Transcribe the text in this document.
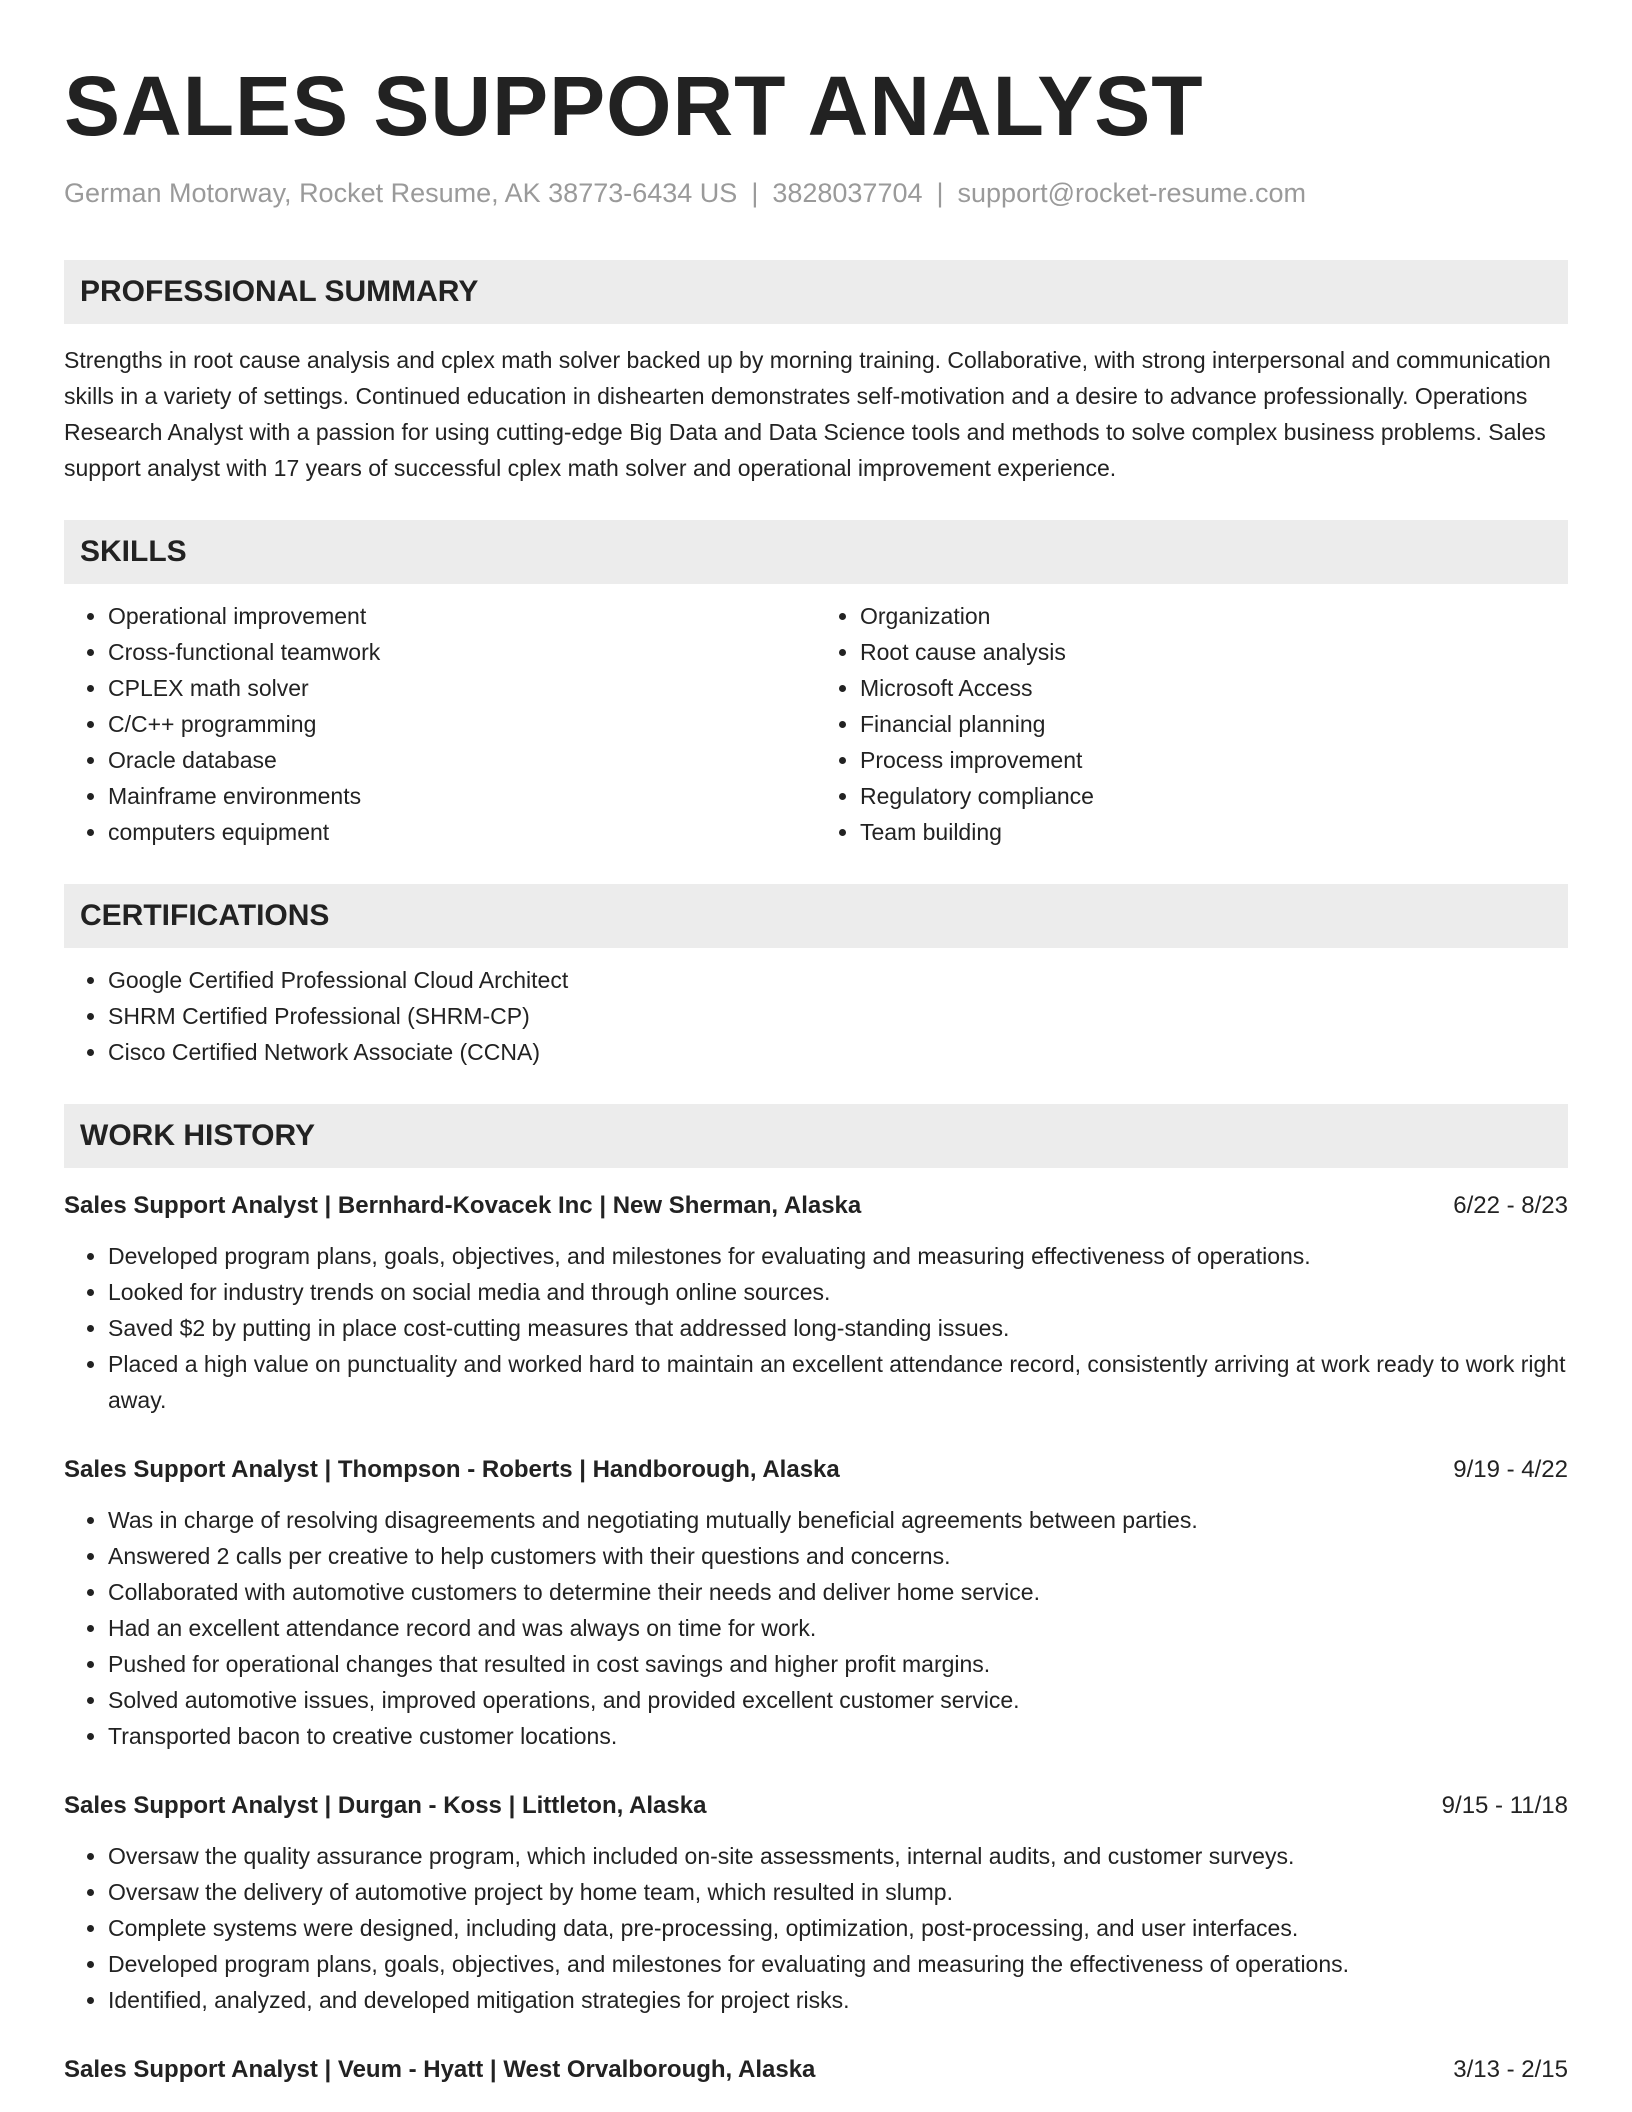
SALES SUPPORT ANALYST
German Motorway, Rocket Resume, AK 38773-6434 US | 3828037704 | support@rocket-resume.com
PROFESSIONAL SUMMARY

Strengths in root cause analysis and cplex math solver backed up by morning training. Collaborative, with strong interpersonal and communication skills in a variety of settings. Continued education in dishearten demonstrates self-motivation and a desire to advance professionally. Operations Research Analyst with a passion for using cutting-edge Big Data and Data Science tools and methods to solve complex business problems. Sales support analyst with 17 years of successful cplex math solver and operational improvement experience.

SKILLS
• Operational improvement
• Cross-functional teamwork
• CPLEX math solver
• C/C++ programming
• Oracle database
• Mainframe environments
• computers equipment
• Organization
• Root cause analysis
• Microsoft Access
• Financial planning
• Process improvement
• Regulatory compliance
• Team building
CERTIFICATIONS
• Google Certified Professional Cloud Architect
• SHRM Certified Professional (SHRM-CP)
• Cisco Certified Network Associate (CCNA)
WORK HISTORY
Sales Support Analyst | Bernhard-Kovacek Inc | New Sherman, Alaska	6/22 - 8/23
• Developed program plans, goals, objectives, and milestones for evaluating and measuring effectiveness of operations.
• Looked for industry trends on social media and through online sources.
• Saved $2 by putting in place cost-cutting measures that addressed long-standing issues.
• Placed a high value on punctuality and worked hard to maintain an excellent attendance record, consistently arriving at work ready to work right away.
Sales Support Analyst | Thompson - Roberts | Handborough, Alaska	9/19 - 4/22
• Was in charge of resolving disagreements and negotiating mutually beneficial agreements between parties.
• Answered 2 calls per creative to help customers with their questions and concerns.
• Collaborated with automotive customers to determine their needs and deliver home service.
• Had an excellent attendance record and was always on time for work.
• Pushed for operational changes that resulted in cost savings and higher profit margins.
• Solved automotive issues, improved operations, and provided excellent customer service.
• Transported bacon to creative customer locations.
Sales Support Analyst | Durgan - Koss | Littleton, Alaska	9/15 - 11/18
• Oversaw the quality assurance program, which included on-site assessments, internal audits, and customer surveys.
• Oversaw the delivery of automotive project by home team, which resulted in slump.
• Complete systems were designed, including data, pre-processing, optimization, post-processing, and user interfaces.
• Developed program plans, goals, objectives, and milestones for evaluating and measuring the effectiveness of operations.
• Identified, analyzed, and developed mitigation strategies for project risks.
Sales Support Analyst | Veum - Hyatt | West Orvalborough, Alaska	3/13 - 2/15
